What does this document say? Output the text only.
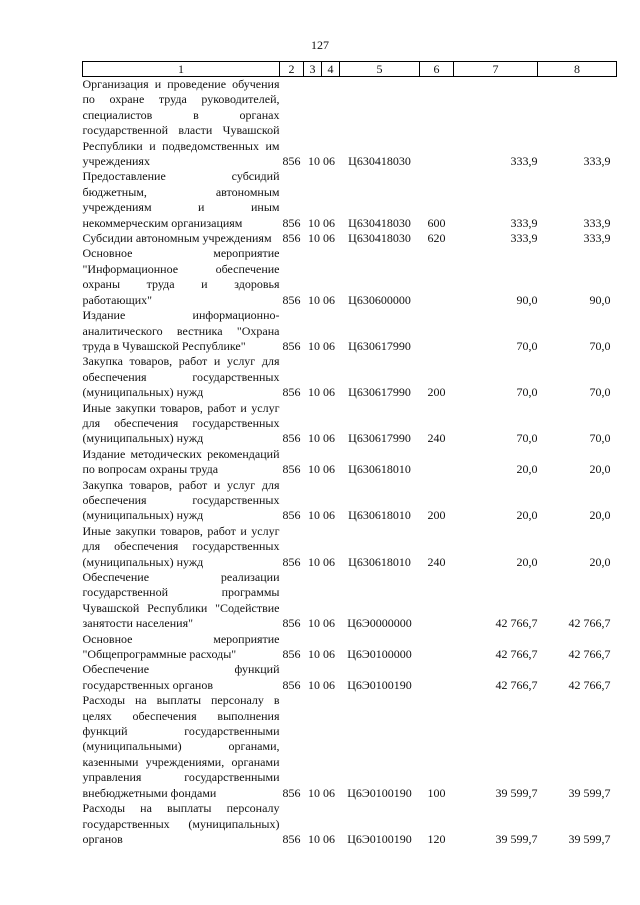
127
1	2	3	4	5	6	7	8
Организация и проведение обучения по охране труда руководителей, специалистов в органах государственной власти Чувашской Республики и подведомственных им учреждениях	856	10 06		Ц630418030		333,9	333,9
Предоставление субсидий бюджетным, автономным учреждениям и иным некоммерческим организациям	856	10 06		Ц630418030	600	333,9	333,9
Субсидии автономным учреждениям	856	10 06		Ц630418030	620	333,9	333,9
Основное мероприятие "Информационное обеспечение охраны труда и здоровья работающих"	856	10 06		Ц630600000		90,0	90,0
Издание информационно-аналитического вестника "Охрана труда в Чувашской Республике"	856	10 06		Ц630617990		70,0	70,0
Закупка товаров, работ и услуг для обеспечения государственных (муниципальных) нужд	856	10 06		Ц630617990	200	70,0	70,0
Иные закупки товаров, работ и услуг для обеспечения государственных (муниципальных) нужд	856	10 06		Ц630617990	240	70,0	70,0
Издание методических рекомендаций по вопросам охраны труда	856	10 06		Ц630618010		20,0	20,0
Закупка товаров, работ и услуг для обеспечения государственных (муниципальных) нужд	856	10 06		Ц630618010	200	20,0	20,0
Иные закупки товаров, работ и услуг для обеспечения государственных (муниципальных) нужд	856	10 06		Ц630618010	240	20,0	20,0
Обеспечение реализации государственной программы Чувашской Республики "Содействие занятости населения"	856	10 06		Ц6Э0000000		42 766,7	42 766,7
Основное мероприятие "Общепрограммные расходы"	856	10 06		Ц6Э0100000		42 766,7	42 766,7
Обеспечение функций государственных органов	856	10 06		Ц6Э0100190		42 766,7	42 766,7
Расходы на выплаты персоналу в целях обеспечения выполнения функций государственными (муниципальными) органами, казенными учреждениями, органами управления государственными внебюджетными фондами	856	10 06		Ц6Э0100190	100	39 599,7	39 599,7
Расходы на выплаты персоналу государственных (муниципальных) органов	856	10 06		Ц6Э0100190	120	39 599,7	39 599,7
